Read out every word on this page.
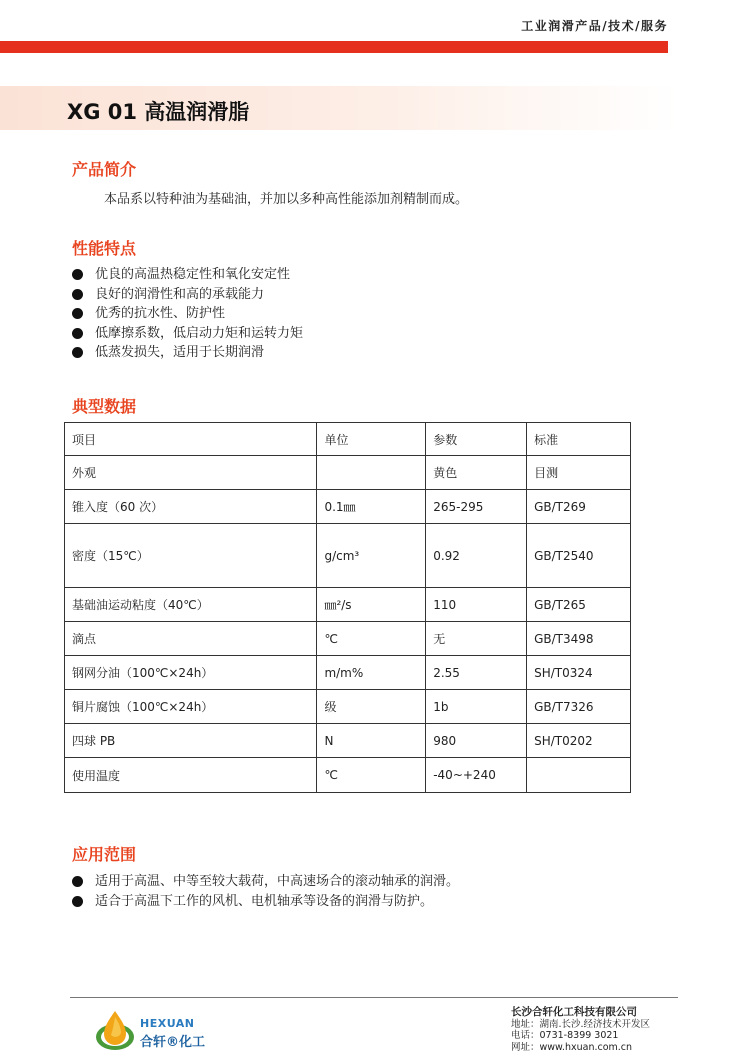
工业润滑产品/技术/服务
XG 01 高温润滑脂
产品简介
本品系以特种油为基础油，并加以多种高性能添加剂精制而成。
性能特点
优良的高温热稳定性和氧化安定性
良好的润滑性和高的承载能力
优秀的抗水性、防护性
低摩擦系数，低启动力矩和运转力矩
低蒸发损失，适用于长期润滑
典型数据
项目	单位	参数	标准
外观		黄色	目测
锥入度（60 次）	0.1㎜	265-295	GB/T269
密度（15℃）	g/cm³	0.92	GB/T2540
基础油运动粘度（40℃）	㎜²/s	110	GB/T265
滴点	℃	无	GB/T3498
钢网分油（100℃×24h）	m/m%	2.55	SH/T0324
铜片腐蚀（100℃×24h）	级	1b	GB/T7326
四球 PB	N	980	SH/T0202
使用温度	℃	-40~+240	
应用范围
适用于高温、中等至较大载荷，中高速场合的滚动轴承的润滑。
适合于高温下工作的风机、电机轴承等设备的润滑与防护。
HEXUAN
合轩®化工
长沙合轩化工科技有限公司
地址：湖南.长沙.经济技术开发区
电话：0731-8399 3021
网址：www.hxuan.com.cn
